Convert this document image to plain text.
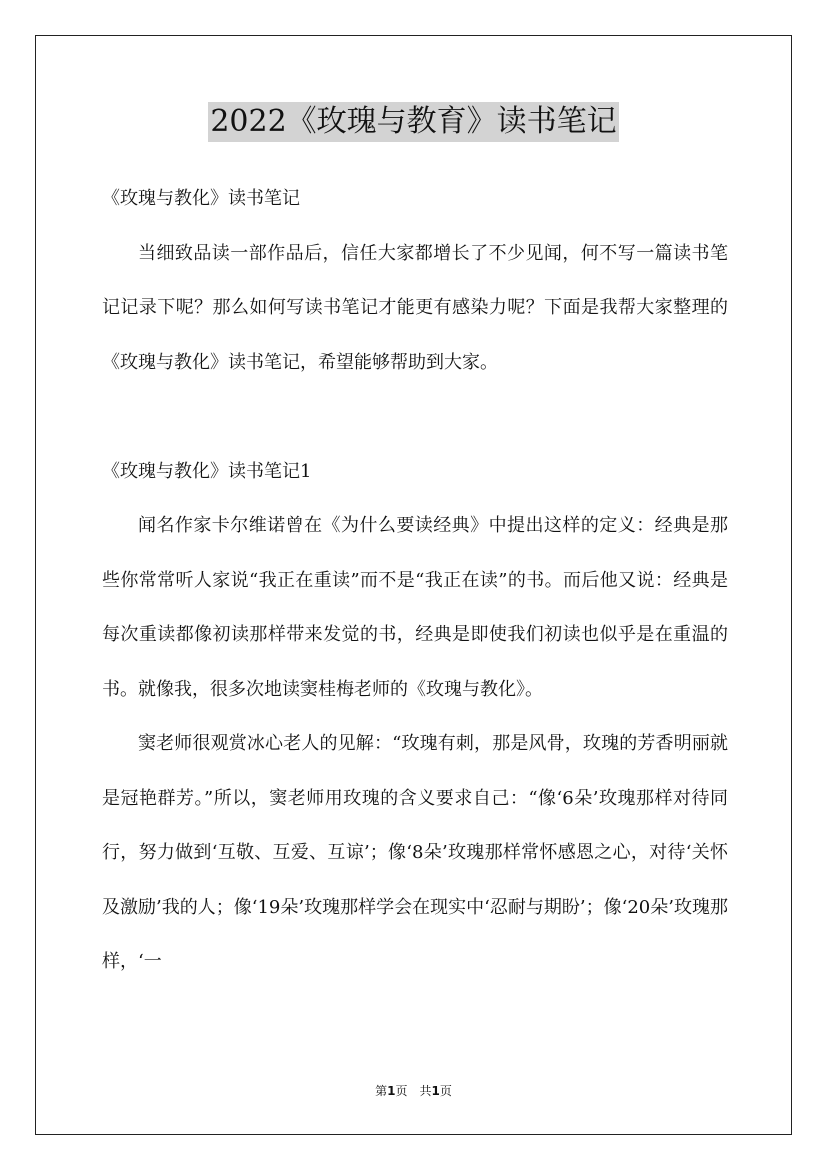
2022《玫瑰与教育》读书笔记

《玫瑰与教化》读书笔记

当细致品读一部作品后，信任大家都增长了不少见闻，何不写一篇读书笔记记录下呢？那么如何写读书笔记才能更有感染力呢？下面是我帮大家整理的《玫瑰与教化》读书笔记，希望能够帮助到大家。

《玫瑰与教化》读书笔记1

闻名作家卡尔维诺曾在《为什么要读经典》中提出这样的定义：经典是那些你常常听人家说“我正在重读”而不是“我正在读”的书。而后他又说：经典是每次重读都像初读那样带来发觉的书，经典是即使我们初读也似乎是在重温的书。就像我，很多次地读窦桂梅老师的《玫瑰与教化》。

窦老师很观赏冰心老人的见解：“玫瑰有刺，那是风骨，玫瑰的芳香明丽就是冠艳群芳。”所以，窦老师用玫瑰的含义要求自己：“像‘6朵’玫瑰那样对待同行，努力做到‘互敬、互爱、互谅’；像‘8朵’玫瑰那样常怀感恩之心，对待‘关怀及激励’我的人；像‘19朵’玫瑰那样学会在现实中‘忍耐与期盼’；像‘20朵’玫瑰那样，‘一

第1页　共1页
